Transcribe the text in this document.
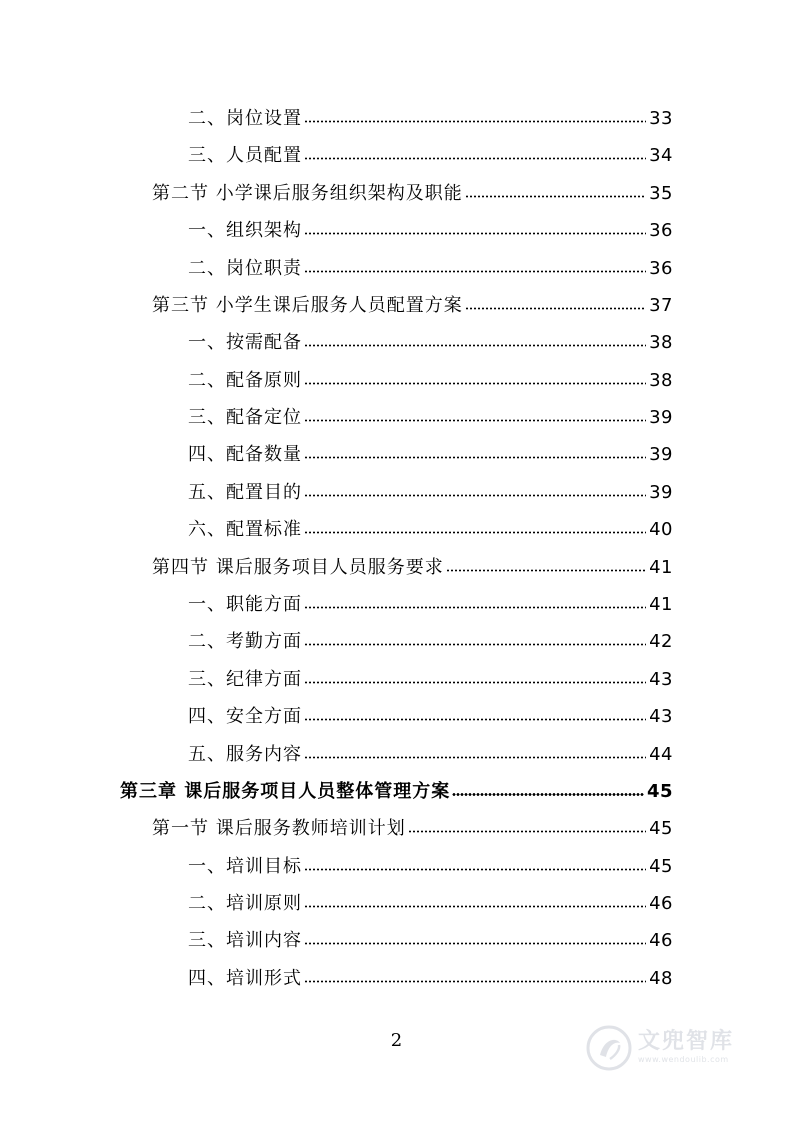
二、岗位设置	33
三、人员配置	34
第二节 小学课后服务组织架构及职能	35
一、组织架构	36
二、岗位职责	36
第三节 小学生课后服务人员配置方案	37
一、按需配备	38
二、配备原则	38
三、配备定位	39
四、配备数量	39
五、配置目的	39
六、配置标准	40
第四节 课后服务项目人员服务要求	41
一、职能方面	41
二、考勤方面	42
三、纪律方面	43
四、安全方面	43
五、服务内容	44
第三章 课后服务项目人员整体管理方案	45
第一节 课后服务教师培训计划	45
一、培训目标	45
二、培训原则	46
三、培训内容	46
四、培训形式	48
2	文兜智库
www.wendoulib.com
